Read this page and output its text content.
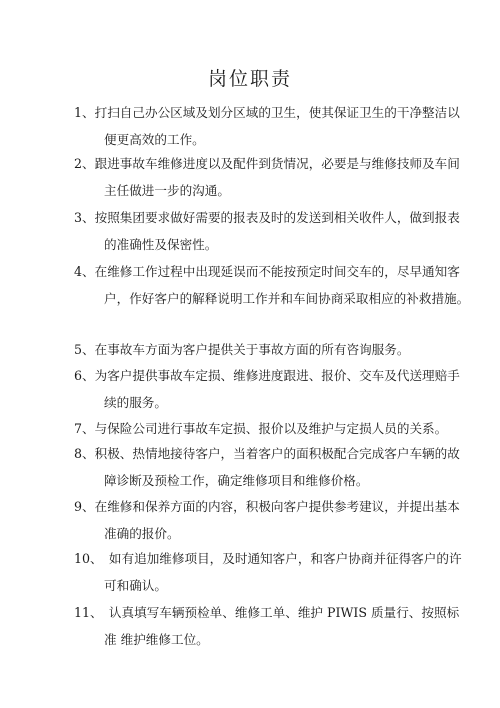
岗位职责
1、打扫自己办公区域及划分区域的卫生，使其保证卫生的干净整洁以
便更高效的工作。
2、跟进事故车维修进度以及配件到货情况，必要是与维修技师及车间
主任做进一步的沟通。
3、按照集团要求做好需要的报表及时的发送到相关收件人，做到报表
的准确性及保密性。
4、在维修工作过程中出现延误而不能按预定时间交车的，尽早通知客
户，作好客户的解释说明工作并和车间协商采取相应的补救措施。
5、在事故车方面为客户提供关于事故方面的所有咨询服务。
6、为客户提供事故车定损、维修进度跟进、报价、交车及代送理赔手
续的服务。
7、与保险公司进行事故车定损、报价以及维护与定损人员的关系。
8、积极、热情地接待客户，当着客户的面积极配合完成客户车辆的故
障诊断及预检工作，确定维修项目和维修价格。
9、在维修和保养方面的内容，积极向客户提供参考建议，并提出基本
准确的报价。
10、　如有追加维修项目，及时通知客户，和客户协商并征得客户的许
可和确认。
11、　认真填写车辆预检单、维修工单、维护 PIWIS 质量行、按照标
准 维护维修工位。
